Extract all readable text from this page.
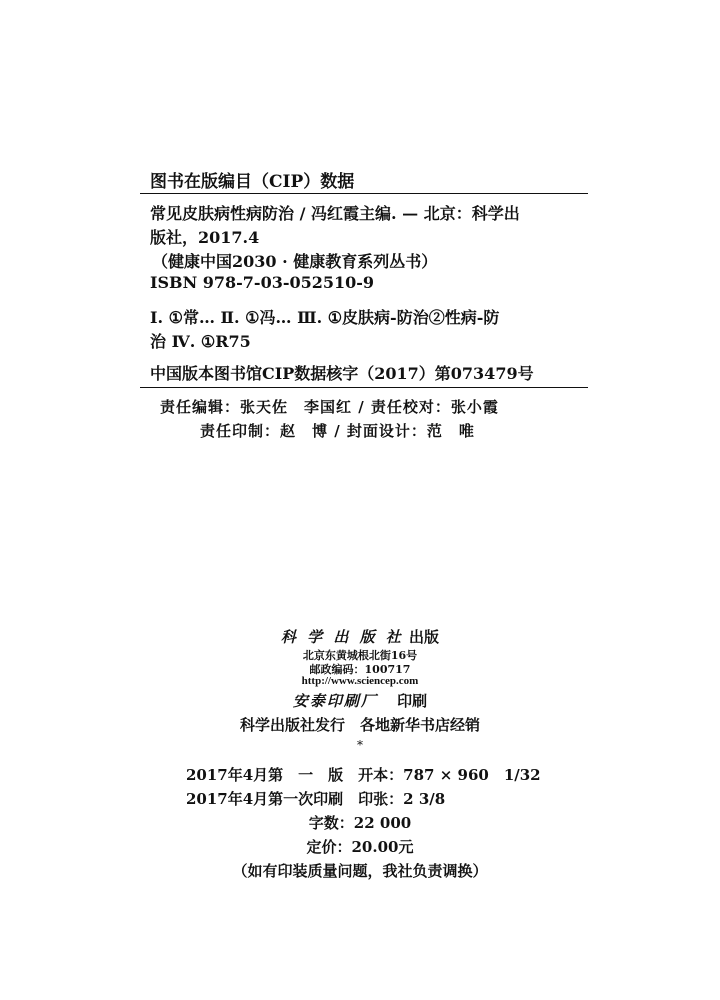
图书在版编目（CIP）数据
常见皮肤病性病防治 / 冯红霞主编. — 北京：科学出
版社，2017.4
（健康中国2030 · 健康教育系列丛书）
ISBN 978-7-03-052510-9
Ⅰ. ①常… Ⅱ. ①冯… Ⅲ. ①皮肤病-防治②性病-防
治 Ⅳ. ①R75
中国版本图书馆CIP数据核字（2017）第073479号
责任编辑：张天佐　李国红 / 责任校对：张小霞
责任印制：赵　博 / 封面设计：范　唯
科 学 出 版 社 出版
北京东黄城根北街16号
邮政编码：100717
http://www.sciencep.com
安泰印刷厂 印刷
科学出版社发行　各地新华书店经销
*
2017年4月第　一　版　开本：787 × 960　1/32
2017年4月第一次印刷　印张：2 3/8
字数：22 000
定价：20.00元
（如有印装质量问题，我社负责调换）
